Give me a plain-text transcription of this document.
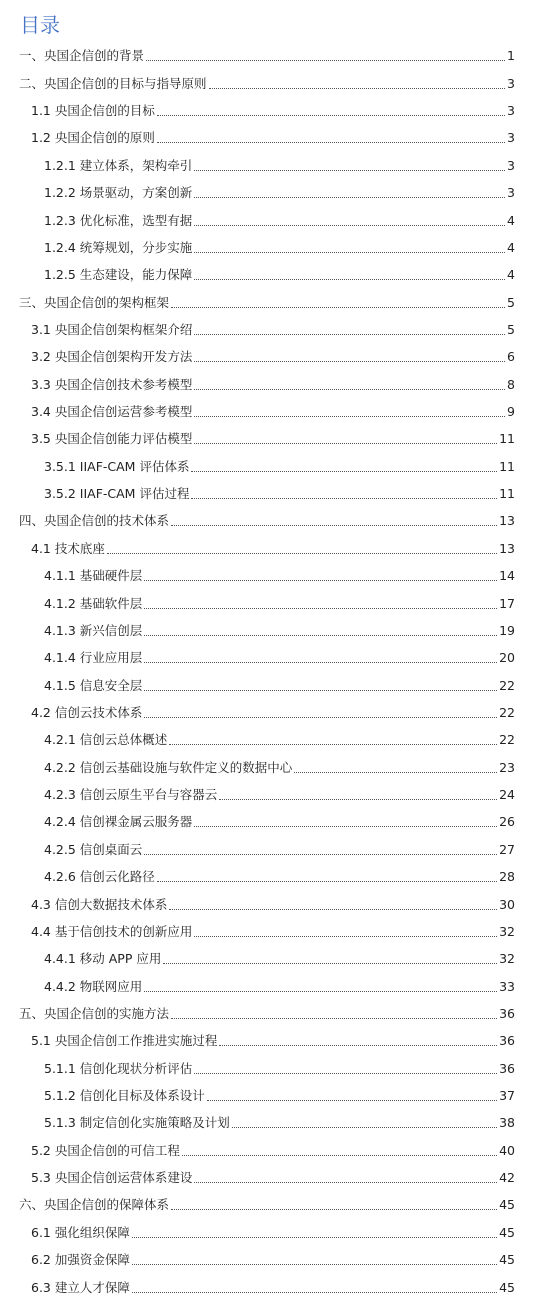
目录
一、央国企信创的背景	1
二、央国企信创的目标与指导原则	3
1.1 央国企信创的目标	3
1.2 央国企信创的原则	3
1.2.1 建立体系，架构牵引	3
1.2.2 场景驱动，方案创新	3
1.2.3 优化标准，选型有据	4
1.2.4 统筹规划，分步实施	4
1.2.5 生态建设，能力保障	4
三、央国企信创的架构框架	5
3.1 央国企信创架构框架介绍	5
3.2 央国企信创架构开发方法	6
3.3 央国企信创技术参考模型	8
3.4 央国企信创运营参考模型	9
3.5 央国企信创能力评估模型	11
3.5.1 IIAF-CAM 评估体系	11
3.5.2 IIAF-CAM 评估过程	11
四、央国企信创的技术体系	13
4.1 技术底座	13
4.1.1 基础硬件层	14
4.1.2 基础软件层	17
4.1.3 新兴信创层	19
4.1.4 行业应用层	20
4.1.5 信息安全层	22
4.2 信创云技术体系	22
4.2.1 信创云总体概述	22
4.2.2 信创云基础设施与软件定义的数据中心	23
4.2.3 信创云原生平台与容器云	24
4.2.4 信创裸金属云服务器	26
4.2.5 信创桌面云	27
4.2.6 信创云化路径	28
4.3 信创大数据技术体系	30
4.4 基于信创技术的创新应用	32
4.4.1 移动 APP 应用	32
4.4.2 物联网应用	33
五、央国企信创的实施方法	36
5.1 央国企信创工作推进实施过程	36
5.1.1 信创化现状分析评估	36
5.1.2 信创化目标及体系设计	37
5.1.3 制定信创化实施策略及计划	38
5.2 央国企信创的可信工程	40
5.3 央国企信创运营体系建设	42
六、央国企信创的保障体系	45
6.1 强化组织保障	45
6.2 加强资金保障	45
6.3 建立人才保障	45
